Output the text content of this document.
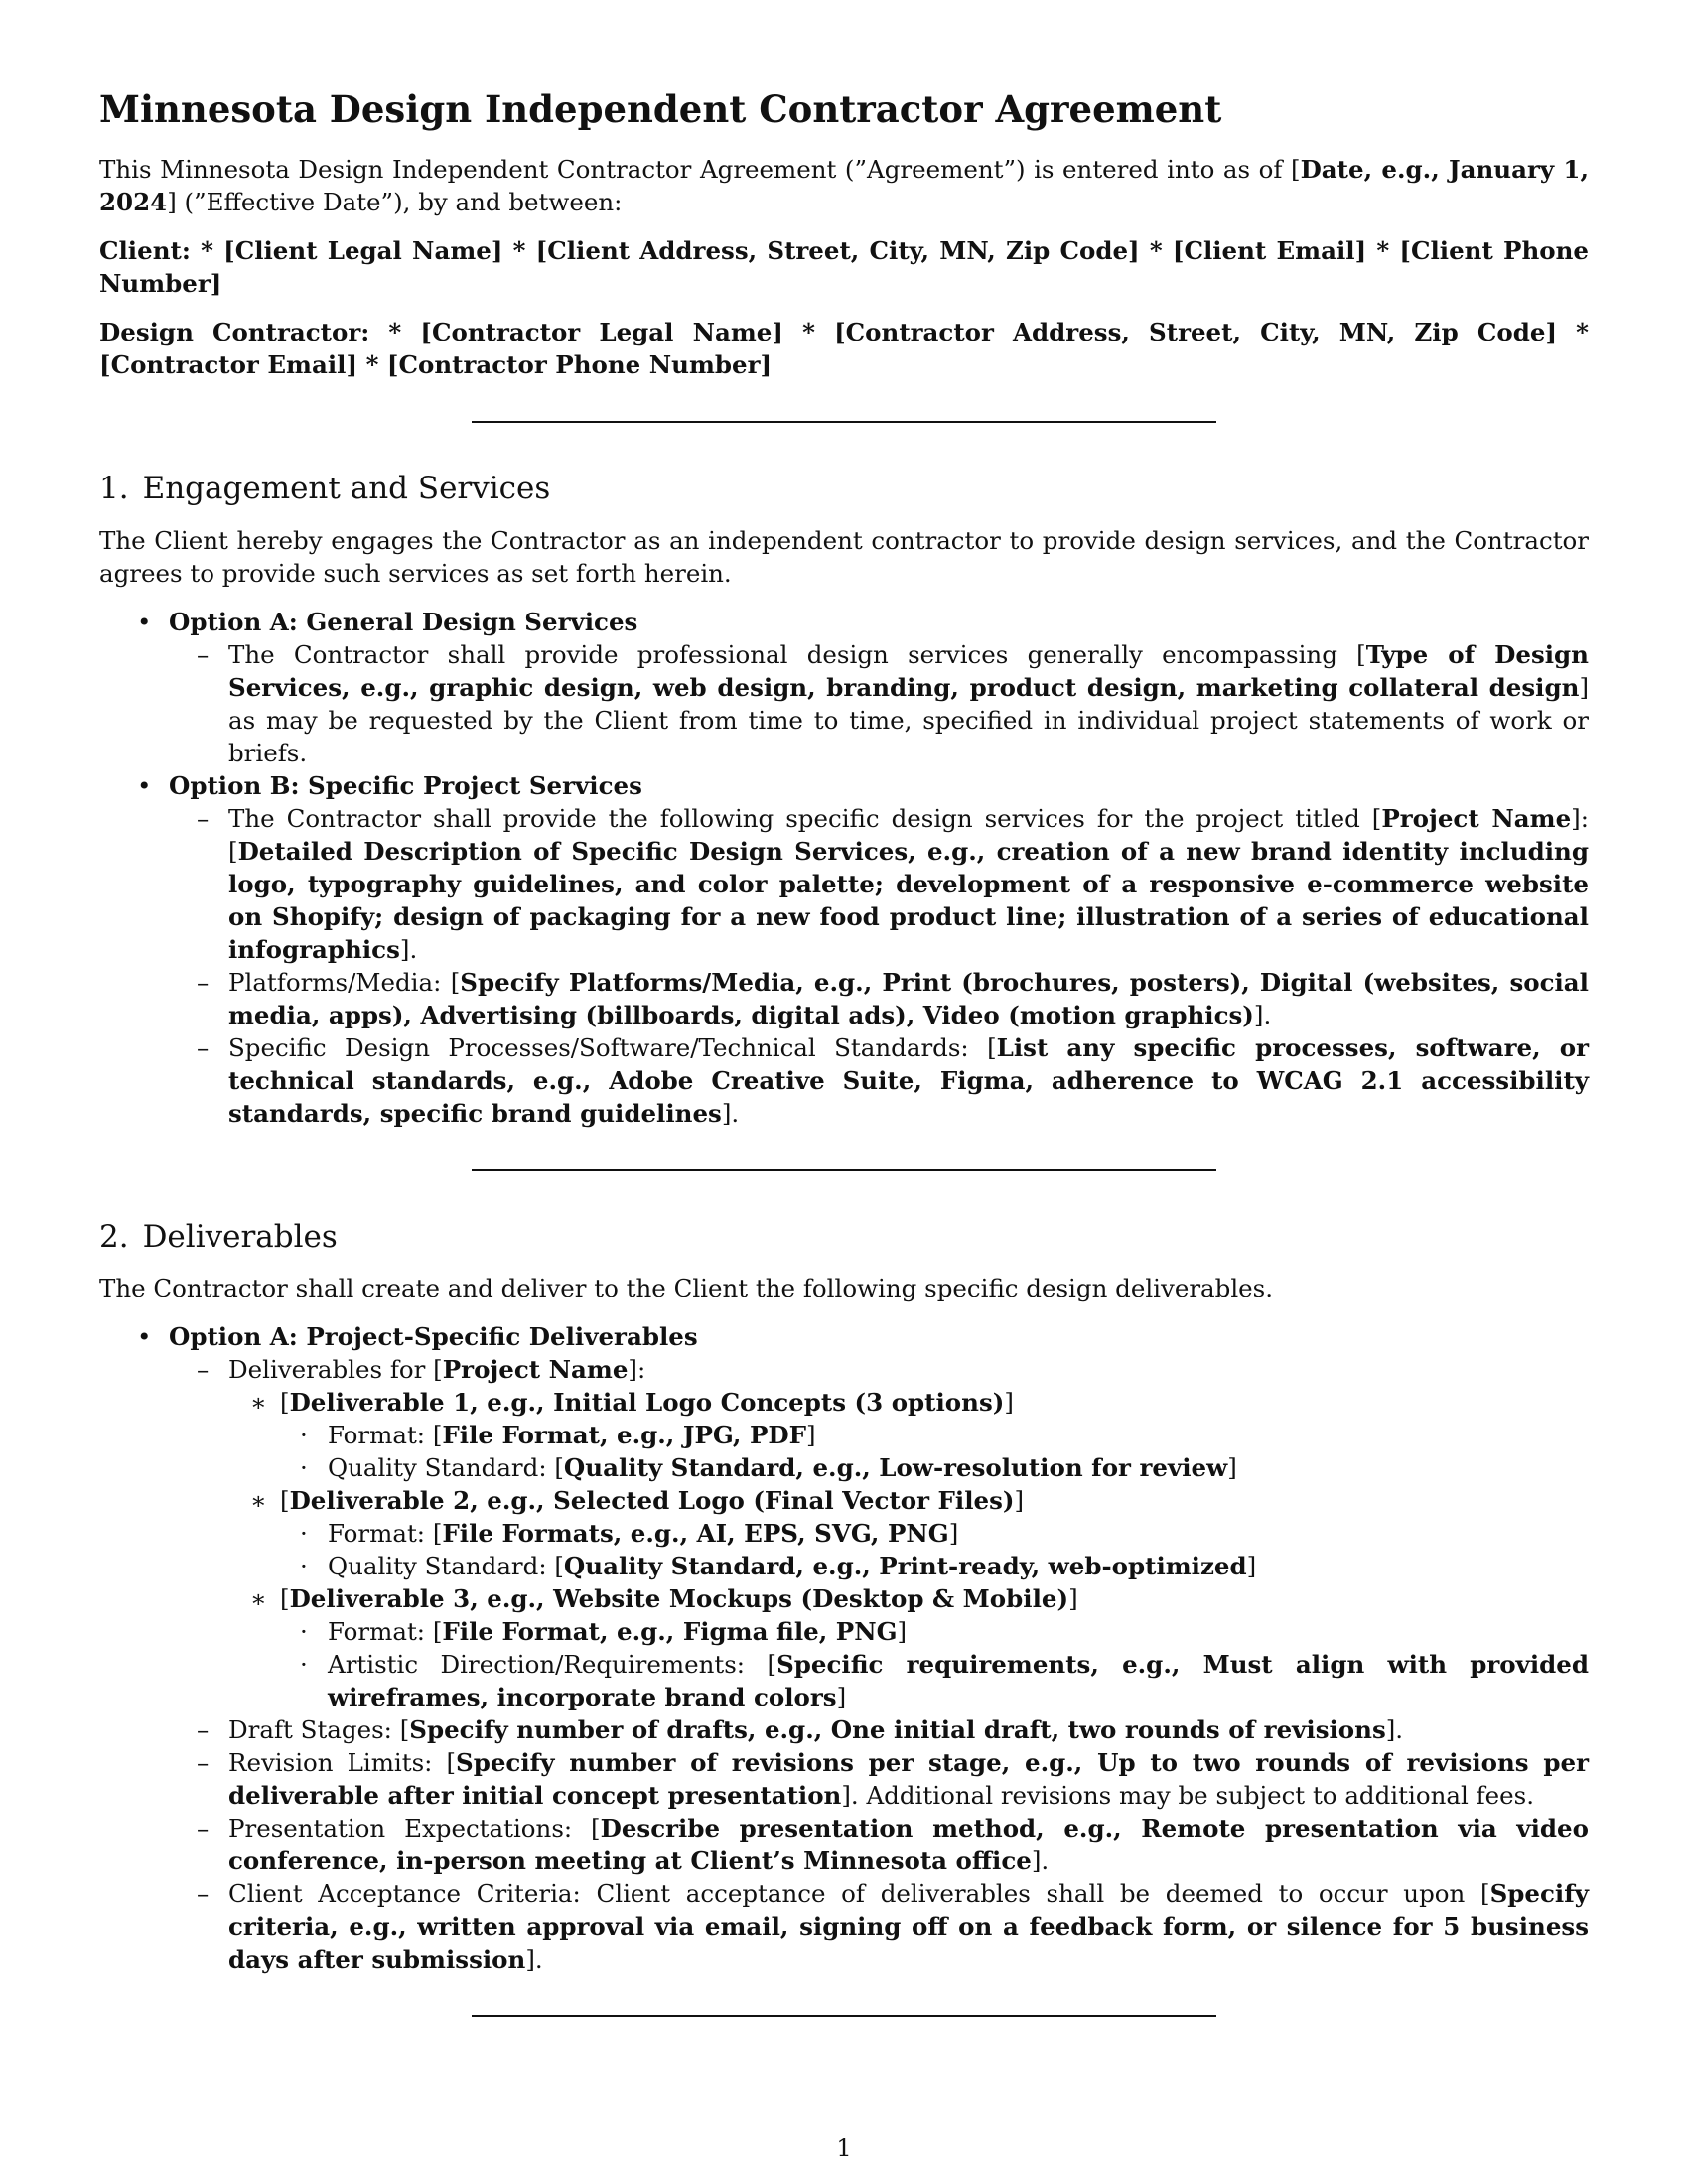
Minnesota Design Independent Contractor Agreement

This Minnesota Design Independent Contractor Agreement (”Agreement”) is entered into as of [Date, e.g., January 1, 2024] (”Effective Date”), by and between:

Client: * [Client Legal Name] * [Client Address, Street, City, MN, Zip Code] * [Client Email] * [Client Phone Number]

Design Contractor: * [Contractor Legal Name] * [Contractor Address, Street, City, MN, Zip Code] * [Contractor Email] * [Contractor Phone Number]

1. Engagement and Services

The Client hereby engages the Contractor as an independent contractor to provide design services, and the Contractor agrees to provide such services as set forth herein.

• Option A: General Design Services
– The Contractor shall provide professional design services generally encompassing [Type of Design Services, e.g., graphic design, web design, branding, product design, marketing collateral design] as may be requested by the Client from time to time, specified in individual project statements of work or briefs.
• Option B: Specific Project Services
– The Contractor shall provide the following specific design services for the project titled [Project Name]: [Detailed Description of Specific Design Services, e.g., creation of a new brand identity including logo, typography guidelines, and color palette; development of a responsive e-commerce website on Shopify; design of packaging for a new food product line; illustration of a series of educational infographics].
– Platforms/Media: [Specify Platforms/Media, e.g., Print (brochures, posters), Digital (websites, social media, apps), Advertising (billboards, digital ads), Video (motion graphics)].
– Specific Design Processes/Software/Technical Standards: [List any specific processes, software, or technical standards, e.g., Adobe Creative Suite, Figma, adherence to WCAG 2.1 accessibility standards, specific brand guidelines].
2. Deliverables

The Contractor shall create and deliver to the Client the following specific design deliverables.

• Option A: Project-Specific Deliverables
– Deliverables for [Project Name]:
∗ [Deliverable 1, e.g., Initial Logo Concepts (3 options)]
· Format: [File Format, e.g., JPG, PDF]
· Quality Standard: [Quality Standard, e.g., Low-resolution for review]
∗ [Deliverable 2, e.g., Selected Logo (Final Vector Files)]
· Format: [File Formats, e.g., AI, EPS, SVG, PNG]
· Quality Standard: [Quality Standard, e.g., Print-ready, web-optimized]
∗ [Deliverable 3, e.g., Website Mockups (Desktop & Mobile)]
· Format: [File Format, e.g., Figma file, PNG]
· Artistic Direction/Requirements: [Specific requirements, e.g., Must align with provided wireframes, incorporate brand colors]
– Draft Stages: [Specify number of drafts, e.g., One initial draft, two rounds of revisions].
– Revision Limits: [Specify number of revisions per stage, e.g., Up to two rounds of revisions per deliverable after initial concept presentation]. Additional revisions may be subject to additional fees.
– Presentation Expectations: [Describe presentation method, e.g., Remote presentation via video conference, in-person meeting at Client’s Minnesota office].
– Client Acceptance Criteria: Client acceptance of deliverables shall be deemed to occur upon [Specify criteria, e.g., written approval via email, signing off on a feedback form, or silence for 5 business days after submission].
1
